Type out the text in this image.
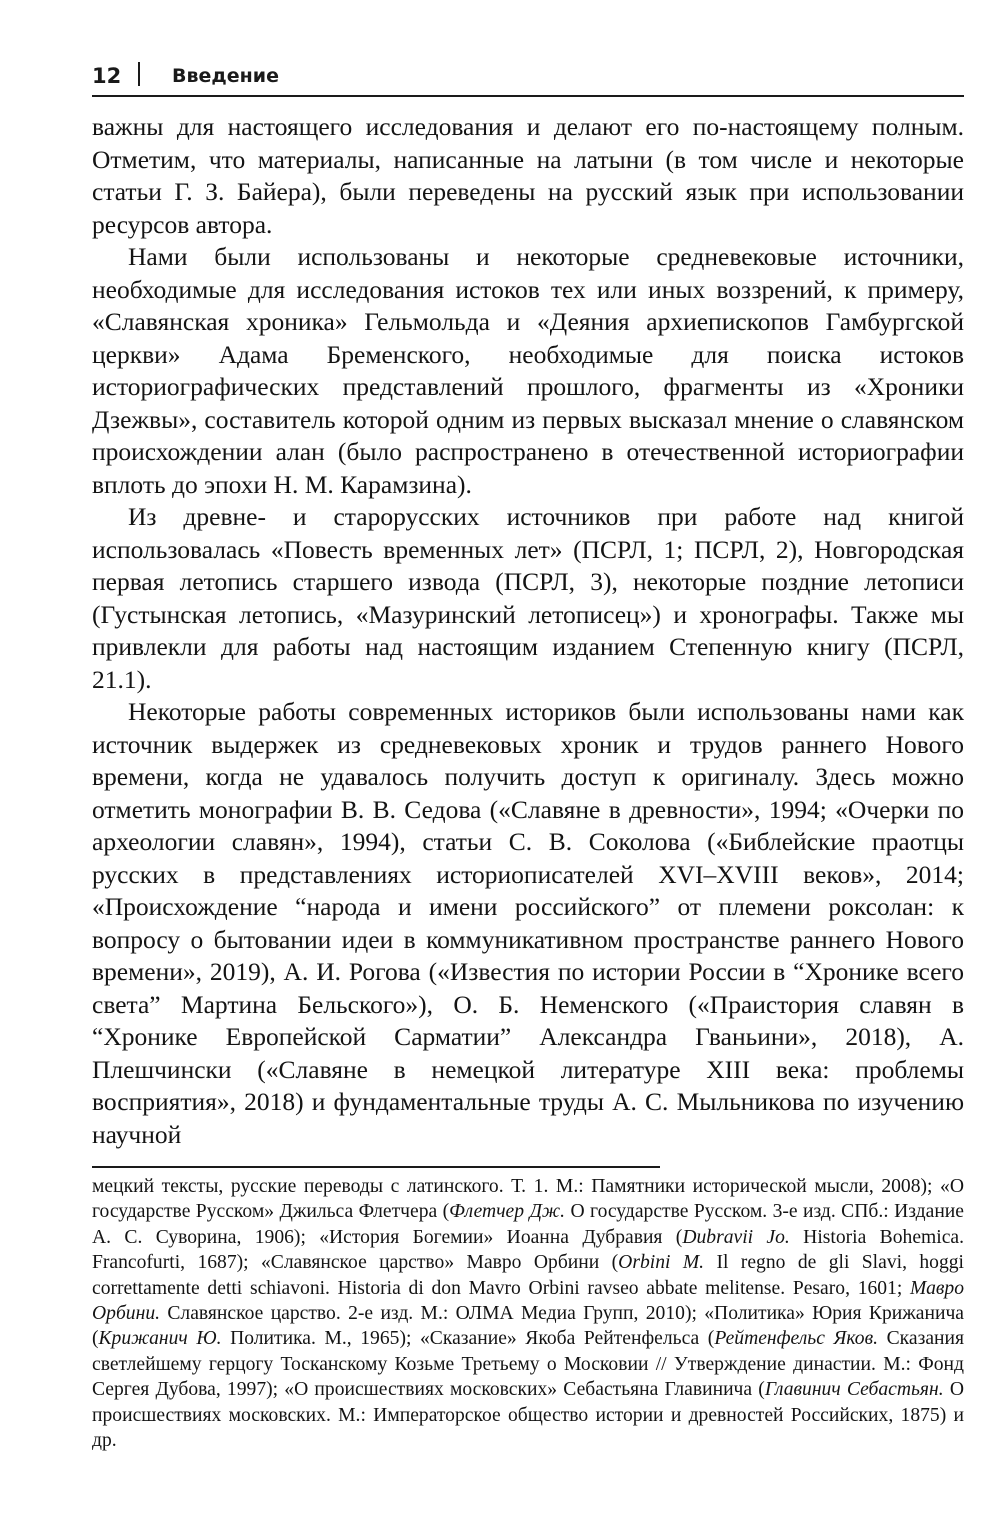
12	Введение

важны для настоящего исследования и делают его по-настоящему полным. Отметим, что материалы, написанные на латыни (в том числе и некоторые статьи Г. З. Байера), были переведены на русский язык при использовании ресурсов автора.

Нами были использованы и некоторые средневековые источники, необходимые для исследования истоков тех или иных воззрений, к примеру, «Славянская хроника» Гельмольда и «Деяния архиепископов Гамбургской церкви» Адама Бременского, необходимые для поиска истоков историографических представлений прошлого, фрагменты из «Хроники Дзежвы», составитель которой одним из первых высказал мнение о славянском происхождении алан (было распространено в отечественной историографии вплоть до эпохи Н. М. Карамзина).

Из древне- и старорусских источников при работе над книгой использовалась «Повесть временных лет» (ПСРЛ, 1; ПСРЛ, 2), Новгородская первая летопись старшего извода (ПСРЛ, 3), некоторые поздние летописи (Густынская летопись, «Мазуринский летописец») и хронографы. Также мы привлекли для работы над настоящим изданием Степенную книгу (ПСРЛ, 21.1).

Некоторые работы современных историков были использованы нами как источник выдержек из средневековых хроник и трудов раннего Нового времени, когда не удавалось получить доступ к оригиналу. Здесь можно отметить монографии В. В. Седова («Славяне в древности», 1994; «Очерки по археологии славян», 1994), статьи С. В. Соколова («Библейские праотцы русских в представлениях историописателей XVI–XVIII веков», 2014; «Происхождение “народа и имени российского” от племени роксолан: к вопросу о бытовании идеи в коммуникативном пространстве раннего Нового времени», 2019), А. И. Рогова («Известия по истории России в “Хронике всего света” Мартина Бельского»), О. Б. Неменского («Праистория славян в “Хронике Европейской Сарматии” Александра Гваньини», 2018), А. Плешчински («Славяне в немецкой литературе XIII века: проблемы восприятия», 2018) и фундаментальные труды А. С. Мыльникова по изучению научной

мецкий тексты, русские переводы с латинского. Т. 1. М.: Памятники исторической мысли, 2008); «О государстве Русском» Джильса Флетчера (Флетчер Дж. О государстве Русском. 3-е изд. СПб.: Издание А. С. Суворина, 1906); «История Богемии» Иоанна Дубравия (Dubravii Jo. Historia Bohemica. Francofurti, 1687); «Славянское царство» Мавро Орбини (Orbini M. Il regno de gli Slavi, hoggi correttamente detti schiavoni. Historia di don Mavro Orbini ravseo abbate melitense. Pesaro, 1601; Мавро Орбини. Славянское царство. 2-е изд. М.: ОЛМА Медиа Групп, 2010); «Политика» Юрия Крижанича (Крижанич Ю. Политика. М., 1965); «Сказание» Якоба Рейтенфельса (Рейтенфельс Яков. Сказания светлейшему герцогу Тосканскому Козьме Третьему о Московии // Утверждение династии. М.: Фонд Сергея Дубова, 1997); «О происшествиях московских» Себастьяна Главинича (Главинич Себастьян. О происшествиях московских. М.: Императорское общество истории и древностей Российских, 1875) и др.
